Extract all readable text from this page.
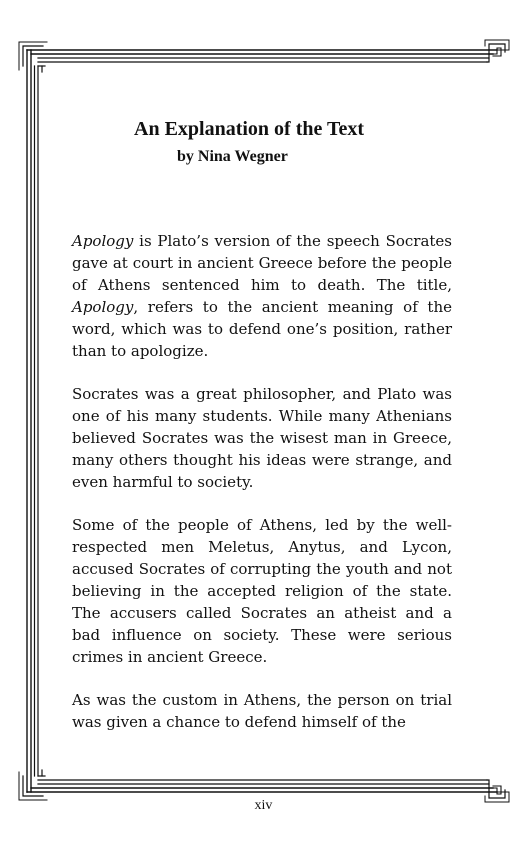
An Explanation of the Text
by Nina Wegner

Apology is Plato’s version of the speech Socrates gave at court in ancient Greece before the people of Athens sentenced him to death. The title, Apology, refers to the ancient meaning of the word, which was to defend one’s position, rather than to apologize.

Socrates was a great philosopher, and Plato was one of his many students. While many Athenians believed Socrates was the wisest man in Greece, many others thought his ideas were strange, and even harmful to society.

Some of the people of Athens, led by the well-respected men Meletus, Anytus, and Lycon, accused Socrates of corrupting the youth and not believing in the accepted religion of the state. The accusers called Socrates an atheist and a bad influence on society. These were serious crimes in ancient Greece.

As was the custom in Athens, the person on trial was given a chance to defend himself of the

xiv
